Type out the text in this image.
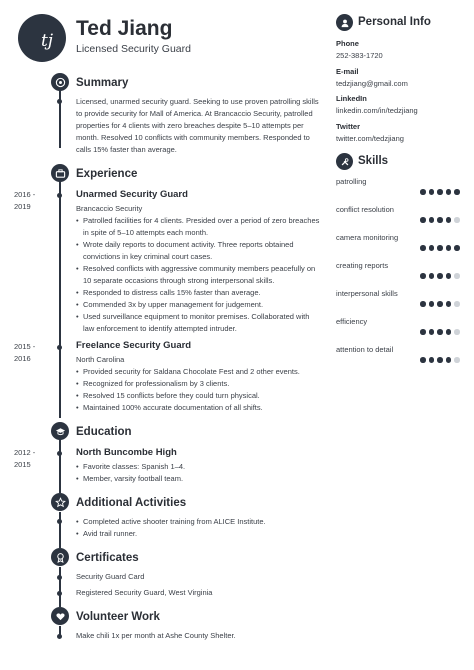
tj
Ted Jiang
Licensed Security Guard
Summary
Licensed, unarmed security guard. Seeking to use proven patrolling skills to provide security for Mall of America. At Brancaccio Security, patrolled properties for 4 clients with zero breaches despite 5–10 attempts per month. Resolved 10 conflicts with community members. Responded to calls 15% faster than average.
Experience
2016 -
2019
Unarmed Security Guard
Brancaccio Security
• Patrolled facilities for 4 clients. Presided over a period of zero breaches in spite of 5–10 attempts each month.
• Wrote daily reports to document activity. Three reports obtained convictions in key criminal court cases.
• Resolved conflicts with aggressive community members peacefully on 10 separate occasions through strong interpersonal skills.
• Responded to distress calls 15% faster than average.
• Commended 3x by upper management for judgement.
• Used surveillance equipment to monitor premises. Collaborated with law enforcement to identify attempted intruder.
2015 -
2016
Freelance Security Guard
North Carolina
• Provided security for Saldana Chocolate Fest and 2 other events.
• Recognized for professionalism by 3 clients.
• Resolved 15 conflicts before they could turn physical.
• Maintained 100% accurate documentation of all shifts.
Education
2012 -
2015
North Buncombe High
• Favorite classes: Spanish 1–4.
• Member, varsity football team.
Additional Activities
• Completed active shooter training from ALICE Institute.
• Avid trail runner.
Certificates
Security Guard Card
Registered Security Guard, West Virginia
Volunteer Work
Make chili 1x per month at Ashe County Shelter.
Personal Info
Phone
252-383-1720
E-mail
tedzjiang@gmail.com
LinkedIn
linkedin.com/in/tedzjiang
Twitter
twitter.com/tedzjiang
Skills
patrolling
conflict resolution
camera monitoring
creating reports
interpersonal skills
efficiency
attention to detail
